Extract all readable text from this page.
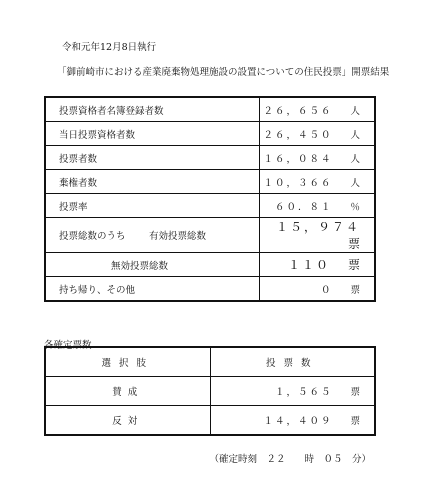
令和元年12月8日執行
「御前崎市における産業廃棄物処理施設の設置についての住民投票」開票結果
投票資格者名簿登録者数		２６，６５６　 人
当日投票資格者数		２６，４５０　 人
投票者数		１６，０８４　 人
棄権者数		１０，３６６　 人
投票率		６０．８１　 ％
投票総数のうち	有効投票総数	１５，９７４　票
無効投票総数		１１０　 票
持ち帰り、その他		０　 票
各確定票数
選択肢	投票数
賛成	１，５６５　 票
反対	１４，４０９　 票
（確定時刻　２２　　時　０５　分）
